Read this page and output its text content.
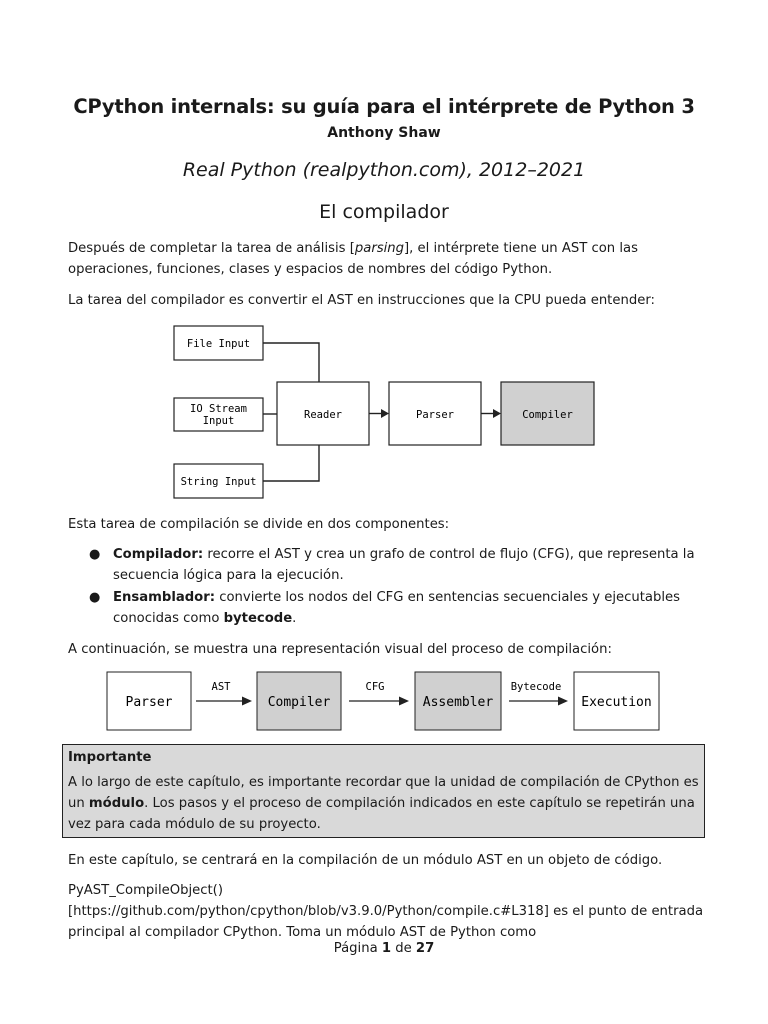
CPython internals: su guía para el intérprete de Python 3
Anthony Shaw
Real Python (realpython.com), 2012–2021
El compilador
Después de completar la tarea de análisis [parsing], el intérprete tiene un AST con las operaciones, funciones, clases y espacios de nombres del código Python.
La tarea del compilador es convertir el AST en instrucciones que la CPU pueda entender:
File Input
IO Stream
Input
String Input
Reader	Parser	Compiler
Esta tarea de compilación se divide en dos componentes:
● Compilador: recorre el AST y crea un grafo de control de flujo (CFG), que representa la secuencia lógica para la ejecución.
● Ensamblador: convierte los nodos del CFG en sentencias secuenciales y ejecutables conocidas como bytecode.
A continuación, se muestra una representación visual del proceso de compilación:
Parser
AST
Compiler
CFG
Assembler
Bytecode
Execution
Importante
A lo largo de este capítulo, es importante recordar que la unidad de compilación de CPython es un módulo. Los pasos y el proceso de compilación indicados en este capítulo se repetirán una vez para cada módulo de su proyecto.
En este capítulo, se centrará en la compilación de un módulo AST en un objeto de código.
PyAST_CompileObject() [https://github.com/python/cpython/blob/v3.9.0/Python/compile.c#L318] es el punto de entrada principal al compilador CPython. Toma un módulo AST de Python como
Página 1 de 27
